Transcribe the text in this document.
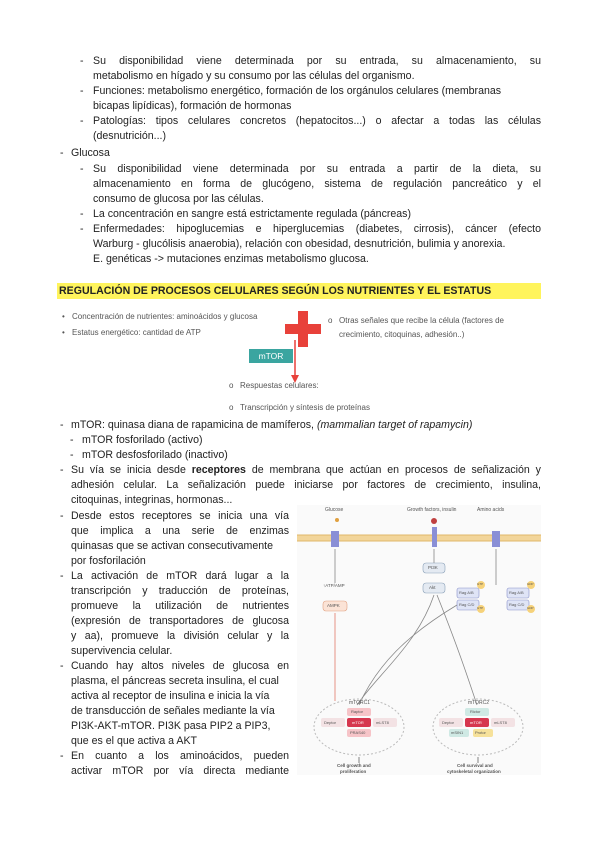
- Su disponibilidad viene determinada por su entrada, su almacenamiento, su
metabolismo en hígado y su consumo por las células del organismo.
- Funciones: metabolismo energético, formación de los orgánulos celulares (membranas
bicapas lipídicas), formación de hormonas
- Patologías: tipos celulares concretos (hepatocitos...) o afectar a todas las células
(desnutrición...)
- Glucosa
- Su disponibilidad viene determinada por su entrada a partir de la dieta, su
almacenamiento en forma de glucógeno, sistema de regulación pancreático y el
consumo de glucosa por las células.
- La concentración en sangre está estrictamente regulada (páncreas)
- Enfermedades: hipoglucemias e hiperglucemias (diabetes, cirrosis), cáncer (efecto
Warburg - glucólisis anaerobia), relación con obesidad, desnutrición, bulimia y anorexia.
E. genéticas -> mutaciones enzimas metabolismo glucosa.
REGULACIÓN DE PROCESOS CELULARES SEGÚN LOS NUTRIENTES Y EL ESTATUS
• Concentración de nutrientes: aminoácidos y glucosa
• Estatus energético: cantidad de ATP
o Otras señales que recibe la célula (factores de
crecimiento, citoquinas, adhesión..)
mTOR
o Respuestas celulares:
o Transcripción y síntesis de proteínas
- mTOR: quinasa diana de rapamicina de mamíferos, (mammalian target of rapamycin)
- mTOR fosforilado (activo)
- mTOR desfosforilado (inactivo)
- Su vía se inicia desde receptores de membrana que actúan en procesos de señalización y
adhesión celular. La señalización puede iniciarse por factores de crecimiento, insulina,
citoquinas, integrinas, hormonas...
- Desde estos receptores se inicia una vía
que implica a una serie de enzimas
quinasas que se activan consecutivamente
por fosforilación
- La activación de mTOR dará lugar a la
transcripción y traducción de proteínas,
promueve la utilización de nutrientes
(expresión de transportadores de glucosa
y aa), promueve la división celular y la
supervivencia celular.
- Cuando hay altos niveles de glucosa en
plasma, el páncreas secreta insulina, el cual
activa al receptor de insulina e inicia la vía
de transducción de señales mediante la vía
PI3K-AKT-mTOR. PI3K pasa PIP2 a PIP3,
que es el que activa a AKT
- En cuanto a los aminoácidos, pueden
activar mTOR por vía directa mediante
Glucose	Growth factors, insulin	Amino acids
↑ATP/AMP
AMPK
PI3K
Akt
Rag A/B
Rag C/D
Rag A/B
Rag C/D
GTP
GTP
GDP
GDP
mTORC1	mTORC2
Raptor
mTOR
Deptor	mLST8
PRAS40
Rictor
mTOR
Deptor	mLST8
mSIN1	Protor
Cell growth and
proliferation
Cell survival and
cytoskeletal organization
